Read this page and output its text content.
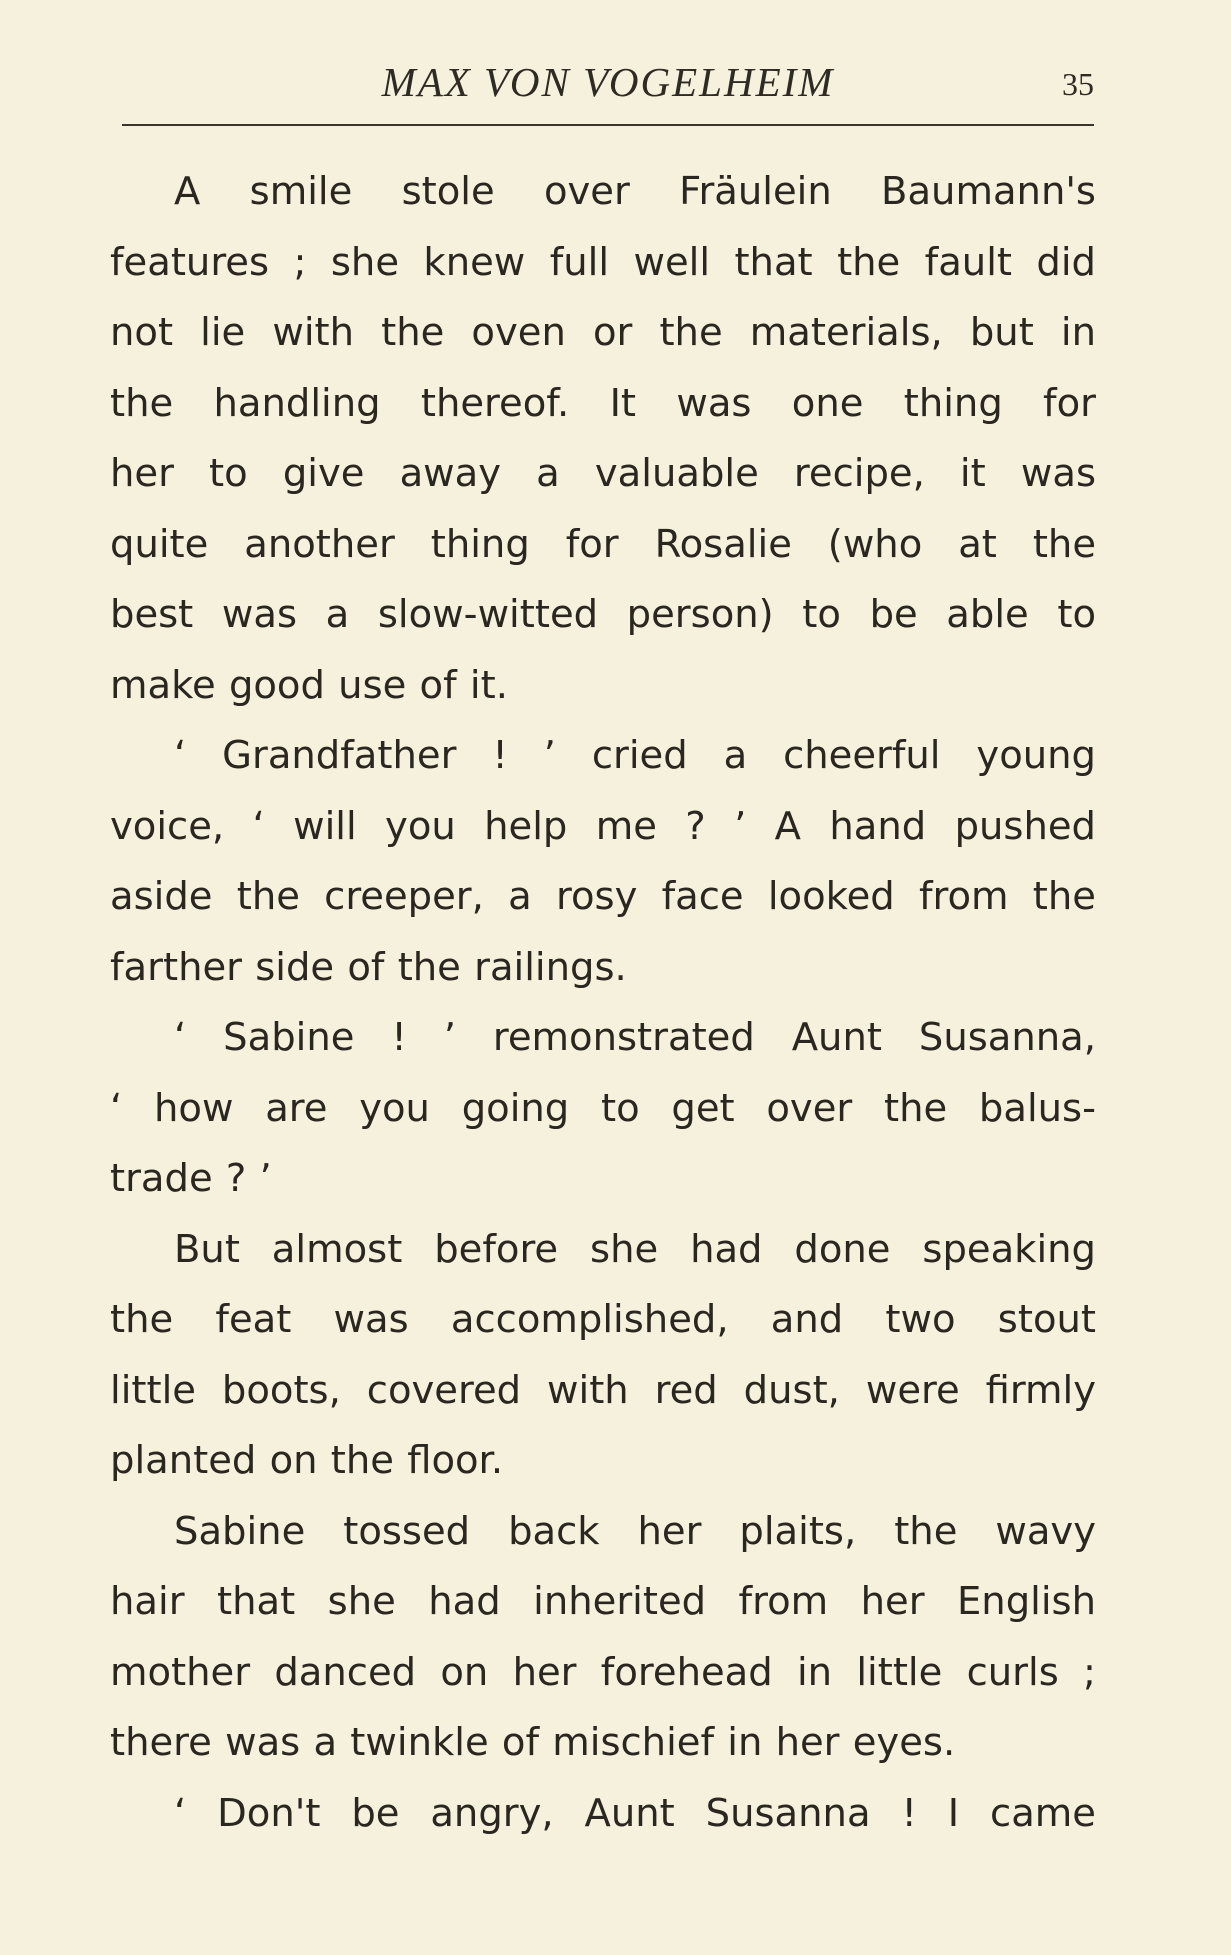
MAX VON VOGELHEIM	35
A smile stole over Fräulein Baumann's
features ; she knew full well that the fault did
not lie with the oven or the materials, but in
the handling thereof. It was one thing for
her to give away a valuable recipe, it was
quite another thing for Rosalie (who at the
best was a slow-witted person) to be able to
make good use of it.
‘ Grandfather ! ’ cried a cheerful young
voice, ‘ will you help me ? ’ A hand pushed
aside the creeper, a rosy face looked from the
farther side of the railings.
‘ Sabine ! ’ remonstrated Aunt Susanna,
‘ how are you going to get over the balus-
trade ? ’
But almost before she had done speaking
the feat was accomplished, and two stout
little boots, covered with red dust, were firmly
planted on the floor.
Sabine tossed back her plaits, the wavy
hair that she had inherited from her English
mother danced on her forehead in little curls ;
there was a twinkle of mischief in her eyes.
‘ Don't be angry, Aunt Susanna ! I came
